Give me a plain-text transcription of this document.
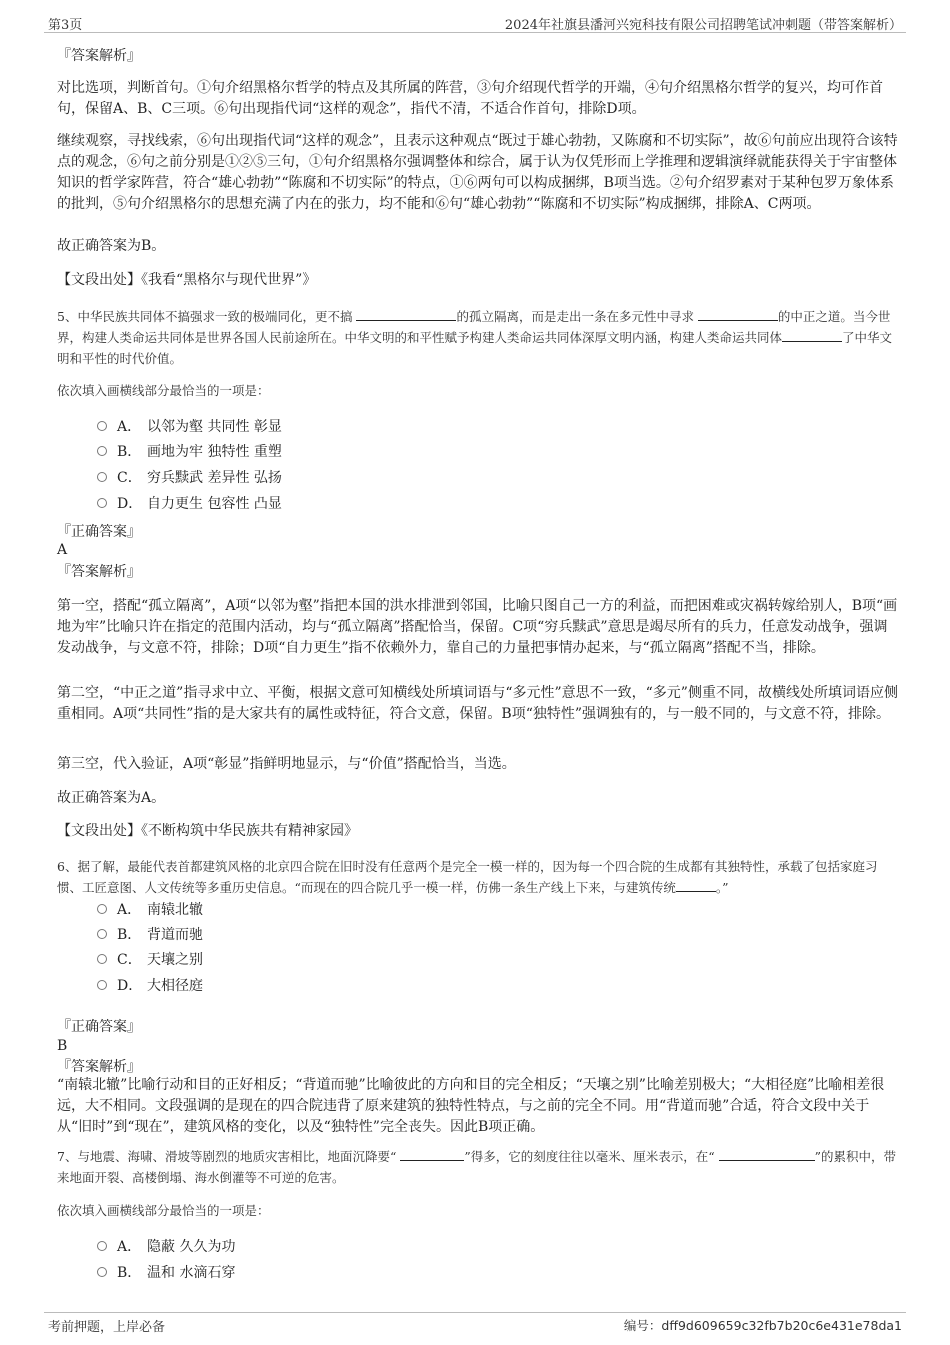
第3页	2024年社旗县潘河兴宛科技有限公司招聘笔试冲刺题（带答案解析）

『答案解析』

对比选项，判断首句。①句介绍黑格尔哲学的特点及其所属的阵营，③句介绍现代哲学的开端，④句介绍黑格尔哲学的复兴，均可作首句，保留A、B、C三项。⑥句出现指代词“这样的观念”，指代不清，不适合作首句，排除D项。

继续观察，寻找线索，⑥句出现指代词“这样的观念”，且表示这种观点“既过于雄心勃勃，又陈腐和不切实际”，故⑥句前应出现符合该特点的观念，⑥句之前分别是①②⑤三句，①句介绍黑格尔强调整体和综合，属于认为仅凭形而上学推理和逻辑演绎就能获得关于宇宙整体知识的哲学家阵营，符合“雄心勃勃”“陈腐和不切实际”的特点，①⑥两句可以构成捆绑，B项当选。②句介绍罗素对于某种包罗万象体系的批判，⑤句介绍黑格尔的思想充满了内在的张力，均不能和⑥句“雄心勃勃”“陈腐和不切实际”构成捆绑，排除A、C两项。

故正确答案为B。

【文段出处】《我看“黑格尔与现代世界”》

5、中华民族共同体不搞强求一致的极端同化，更不搞	的孤立隔离，而是走出一条在多元性中寻求	的中正之道。当今世界，构建人类命运共同体是世界各国人民前途所在。中华文明的和平性赋予构建人类命运共同体深厚文明内涵，构建人类命运共同体	了中华文明和平性的时代价值。

依次填入画横线部分最恰当的一项是：

A． 以邻为壑 共同性 彰显
B． 画地为牢 独特性 重塑
C． 穷兵黩武 差异性 弘扬
D． 自力更生 包容性 凸显

『正确答案』

A

『答案解析』

第一空，搭配“孤立隔离”，A项“以邻为壑”指把本国的洪水排泄到邻国，比喻只图自己一方的利益，而把困难或灾祸转嫁给别人，B项“画地为牢”比喻只许在指定的范围内活动，均与“孤立隔离”搭配恰当，保留。C项“穷兵黩武”意思是竭尽所有的兵力，任意发动战争，强调发动战争，与文意不符，排除；D项“自力更生”指不依赖外力，靠自己的力量把事情办起来，与“孤立隔离”搭配不当，排除。

第二空，“中正之道”指寻求中立、平衡，根据文意可知横线处所填词语与“多元性”意思不一致，“多元”侧重不同，故横线处所填词语应侧重相同。A项“共同性”指的是大家共有的属性或特征，符合文意，保留。B项“独特性”强调独有的，与一般不同的，与文意不符，排除。

第三空，代入验证，A项“彰显”指鲜明地显示，与“价值”搭配恰当，当选。

故正确答案为A。

【文段出处】《不断构筑中华民族共有精神家园》

6、据了解，最能代表首都建筑风格的北京四合院在旧时没有任意两个是完全一模一样的，因为每一个四合院的生成都有其独特性，承载了包括家庭习惯、工匠意图、人文传统等多重历史信息。“而现在的四合院几乎一模一样，仿佛一条生产线上下来，与建筑传统	。”

A． 南辕北辙
B． 背道而驰
C． 天壤之别
D． 大相径庭

『正确答案』

B

『答案解析』

“南辕北辙”比喻行动和目的正好相反；“背道而驰”比喻彼此的方向和目的完全相反；“天壤之别”比喻差别极大；“大相径庭”比喻相差很远，大不相同。文段强调的是现在的四合院违背了原来建筑的独特性特点，与之前的完全不同。用“背道而驰”合适，符合文段中关于从“旧时”到“现在”，建筑风格的变化，以及“独特性”完全丧失。因此B项正确。

7、与地震、海啸、滑坡等剧烈的地质灾害相比，地面沉降要“	”得多，它的刻度往往以毫米、厘米表示，在“	”的累积中，带来地面开裂、高楼倒塌、海水倒灌等不可逆的危害。

依次填入画横线部分最恰当的一项是：

A． 隐蔽 久久为功
B． 温和 水滴石穿
考前押题，上岸必备	编号：dff9d609659c32fb7b20c6e431e78da1
